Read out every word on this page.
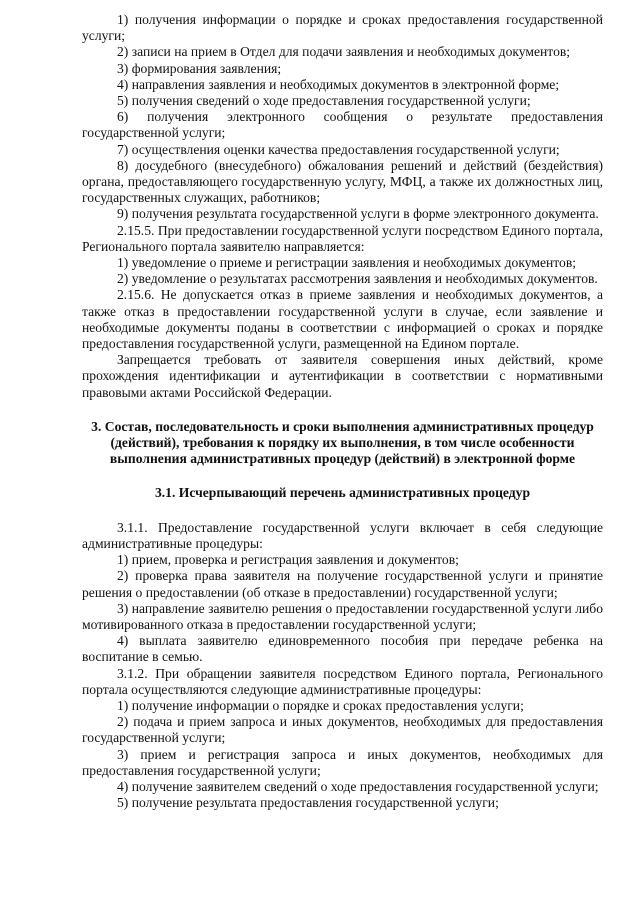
1) получения информации о порядке и сроках предоставления государственной услуги;

2) записи на прием в Отдел для подачи заявления и необходимых документов;

3) формирования заявления;

4) направления заявления и необходимых документов в электронной форме;

5) получения сведений о ходе предоставления государственной услуги;

6) получения электронного сообщения о результате предоставления государственной услуги;

7) осуществления оценки качества предоставления государственной услуги;

8) досудебного (внесудебного) обжалования решений и действий (бездействия) органа, предоставляющего государственную услугу, МФЦ, а также их должностных лиц, государственных служащих, работников;

9) получения результата государственной услуги в форме электронного документа.

2.15.5. При предоставлении государственной услуги посредством Единого портала, Регионального портала заявителю направляется:

1) уведомление о приеме и регистрации заявления и необходимых документов;

2) уведомление о результатах рассмотрения заявления и необходимых документов.

2.15.6. Не допускается отказ в приеме заявления и необходимых документов, а также отказ в предоставлении государственной услуги в случае, если заявление и необходимые документы поданы в соответствии с информацией о сроках и порядке предоставления государственной услуги, размещенной на Едином портале.

Запрещается требовать от заявителя совершения иных действий, кроме прохождения идентификации и аутентификации в соответствии с нормативными правовыми актами Российской Федерации.

3. Состав, последовательность и сроки выполнения административных процедур (действий), требования к порядку их выполнения, в том числе особенности выполнения административных процедур (действий) в электронной форме
3.1. Исчерпывающий перечень административных процедур

3.1.1. Предоставление государственной услуги включает в себя следующие административные процедуры:

1) прием, проверка и регистрация заявления и документов;

2) проверка права заявителя на получение государственной услуги и принятие решения о предоставлении (об отказе в предоставлении) государственной услуги;

3) направление заявителю решения о предоставлении государственной услуги либо мотивированного отказа в предоставлении государственной услуги;

4) выплата заявителю единовременного пособия при передаче ребенка на воспитание в семью.

3.1.2. При обращении заявителя посредством Единого портала, Регионального портала осуществляются следующие административные процедуры:

1) получение информации о порядке и сроках предоставления услуги;

2) подача и прием запроса и иных документов, необходимых для предоставления государственной услуги;

3) прием и регистрация запроса и иных документов, необходимых для предоставления государственной услуги;

4) получение заявителем сведений о ходе предоставления государственной услуги;

5) получение результата предоставления государственной услуги;
